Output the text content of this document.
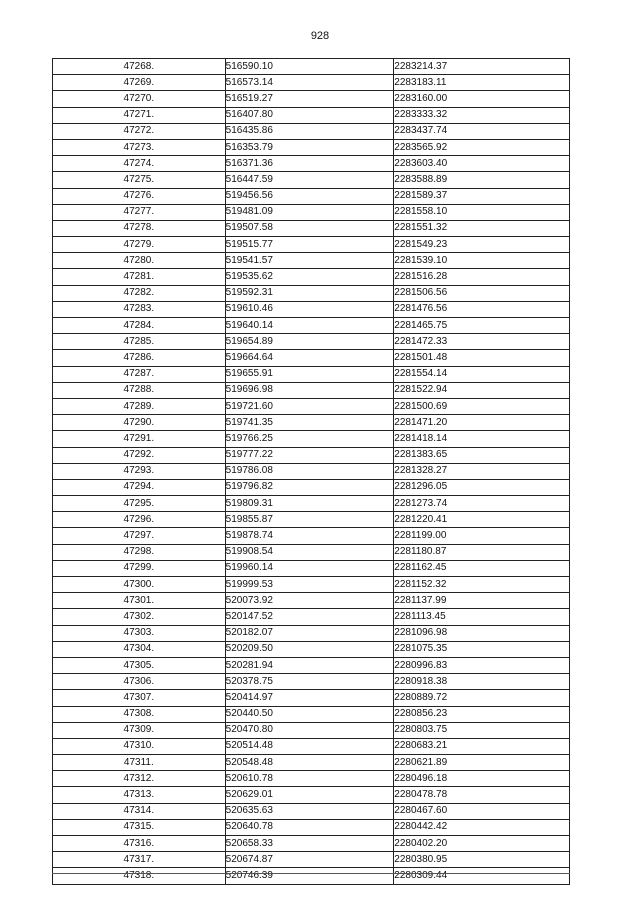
928
47268.	516590.10	2283214.37
47269.	516573.14	2283183.11
47270.	516519.27	2283160.00
47271.	516407.80	2283333.32
47272.	516435.86	2283437.74
47273.	516353.79	2283565.92
47274.	516371.36	2283603.40
47275.	516447.59	2283588.89
47276.	519456.56	2281589.37
47277.	519481.09	2281558.10
47278.	519507.58	2281551.32
47279.	519515.77	2281549.23
47280.	519541.57	2281539.10
47281.	519535.62	2281516.28
47282.	519592.31	2281506.56
47283.	519610.46	2281476.56
47284.	519640.14	2281465.75
47285.	519654.89	2281472.33
47286.	519664.64	2281501.48
47287.	519655.91	2281554.14
47288.	519696.98	2281522.94
47289.	519721.60	2281500.69
47290.	519741.35	2281471.20
47291.	519766.25	2281418.14
47292.	519777.22	2281383.65
47293.	519786.08	2281328.27
47294.	519796.82	2281296.05
47295.	519809.31	2281273.74
47296.	519855.87	2281220.41
47297.	519878.74	2281199.00
47298.	519908.54	2281180.87
47299.	519960.14	2281162.45
47300.	519999.53	2281152.32
47301.	520073.92	2281137.99
47302.	520147.52	2281113.45
47303.	520182.07	2281096.98
47304.	520209.50	2281075.35
47305.	520281.94	2280996.83
47306.	520378.75	2280918.38
47307.	520414.97	2280889.72
47308.	520440.50	2280856.23
47309.	520470.80	2280803.75
47310.	520514.48	2280683.21
47311.	520548.48	2280621.89
47312.	520610.78	2280496.18
47313.	520629.01	2280478.78
47314.	520635.63	2280467.60
47315.	520640.78	2280442.42
47316.	520658.33	2280402.20
47317.	520674.87	2280380.95
47318.	520746.39	2280309.44
